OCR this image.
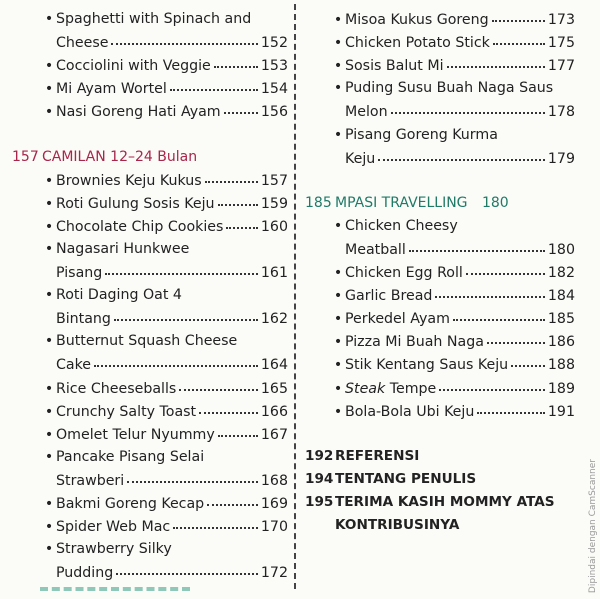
• Spaghetti with Spinach and
Cheese	152
• Cocciolini with Veggie	153
• Mi Ayam Wortel	154
• Nasi Goreng Hati Ayam	156
157 CAMILAN 12–24 Bulan
• Brownies Keju Kukus	157
• Roti Gulung Sosis Keju	159
• Chocolate Chip Cookies	160
• Nagasari Hunkwee
Pisang	161
• Roti Daging Oat 4
Bintang	162
• Butternut Squash Cheese
Cake	164
• Rice Cheeseballs	165
• Crunchy Salty Toast	166
• Omelet Telur Nyummy	167
• Pancake Pisang Selai
Strawberi	168
• Bakmi Goreng Kecap	169
• Spider Web Mac	170
• Strawberry Silky
Pudding	172
• Misoa Kukus Goreng	173
• Chicken Potato Stick	175
• Sosis Balut Mi	177
• Puding Susu Buah Naga Saus
Melon	178
• Pisang Goreng Kurma
Keju	179
185 MPASI TRAVELLING 180
• Chicken Cheesy
Meatball	180
• Chicken Egg Roll	182
• Garlic Bread	184
• Perkedel Ayam	185
• Pizza Mi Buah Naga	186
• Stik Kentang Saus Keju	188
• Steak Tempe	189
• Bola-Bola Ubi Keju	191
192 REFERENSI
194 TENTANG PENULIS
195 TERIMA KASIH MOMMY ATAS
KONTRIBUSINYA	Dipindai dengan CamScanner
